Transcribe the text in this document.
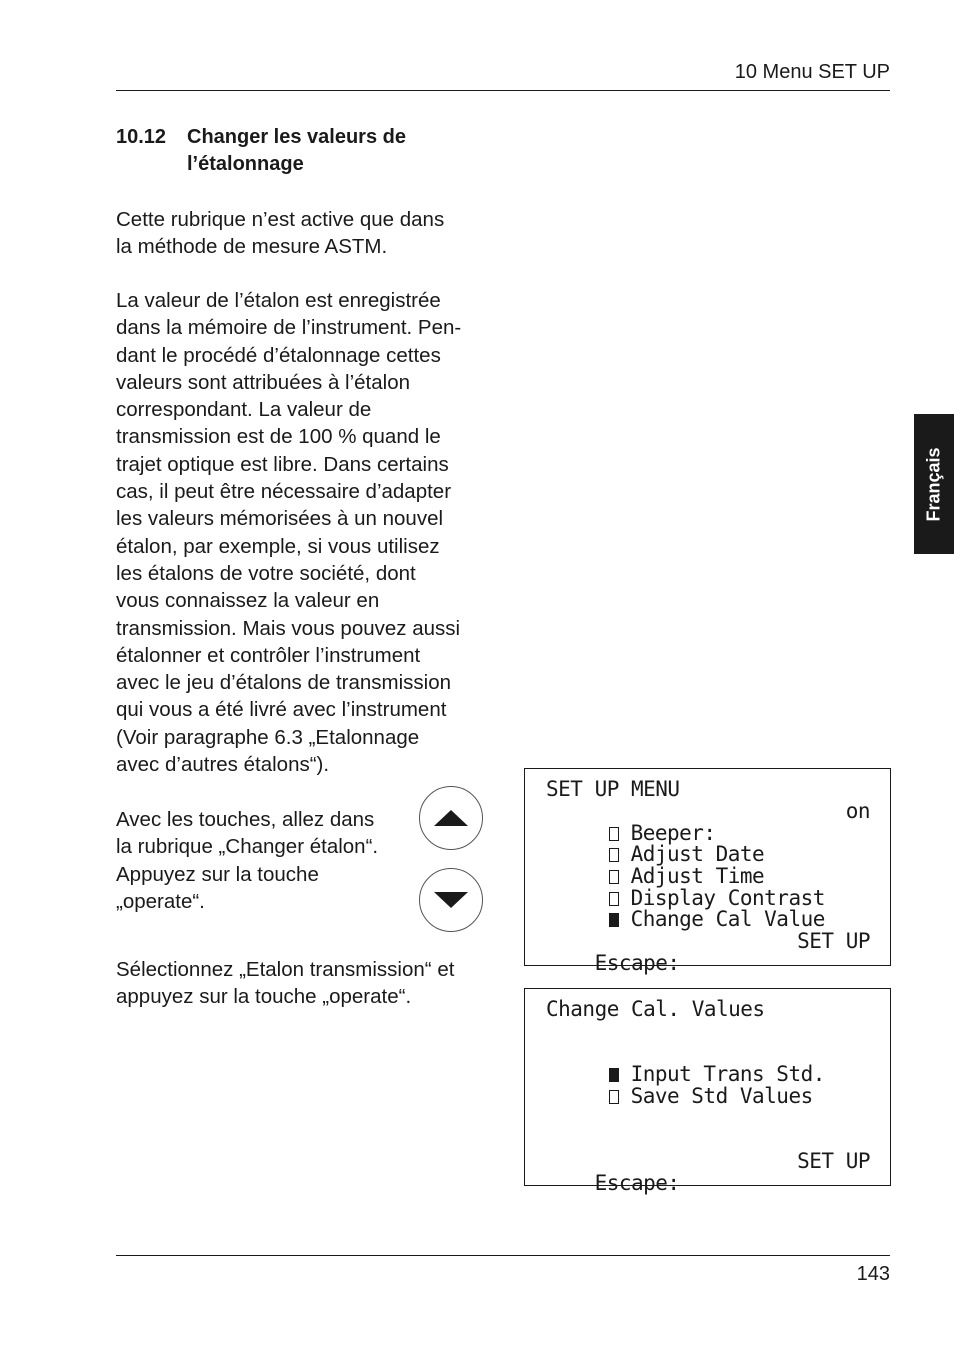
10 Menu SET UP
10.12	Changer les valeurs de
l’étalonnage
Cette rubrique n’est active que dans
la méthode de mesure ASTM.
La valeur de l’étalon est enregistrée
dans la mémoire de l’instrument. Pen-
dant le procédé d’étalonnage cettes
valeurs sont attribuées à l’étalon
correspondant. La valeur de
transmission est de 100 % quand le
trajet optique est libre. Dans certains
cas, il peut être nécessaire d’adapter
les valeurs mémorisées à un nouvel
étalon, par exemple, si vous utilisez
les étalons de votre société, dont
vous connaissez la valeur en
transmission. Mais vous pouvez aussi
étalonner et contrôler l’instrument
avec le jeu d’étalons de transmission
qui vous a été livré avec l’instrument
(Voir paragraphe 6.3 „Etalonnage
avec d’autres étalons“).
Avec les touches, allez dans
la rubrique „Changer étalon“.
Appuyez sur la touche
„operate“.
Sélectionnez „Etalon transmission“ et
appuyez sur la touche „operate“.
Français
SET UP MENU

Beeper:

on

Adjust Date

Adjust Time

Display Contrast

Change Cal Value

Escape:

SET UP

Change Cal. Values

Input Trans Std.

Save Std Values

Escape:

SET UP

143
